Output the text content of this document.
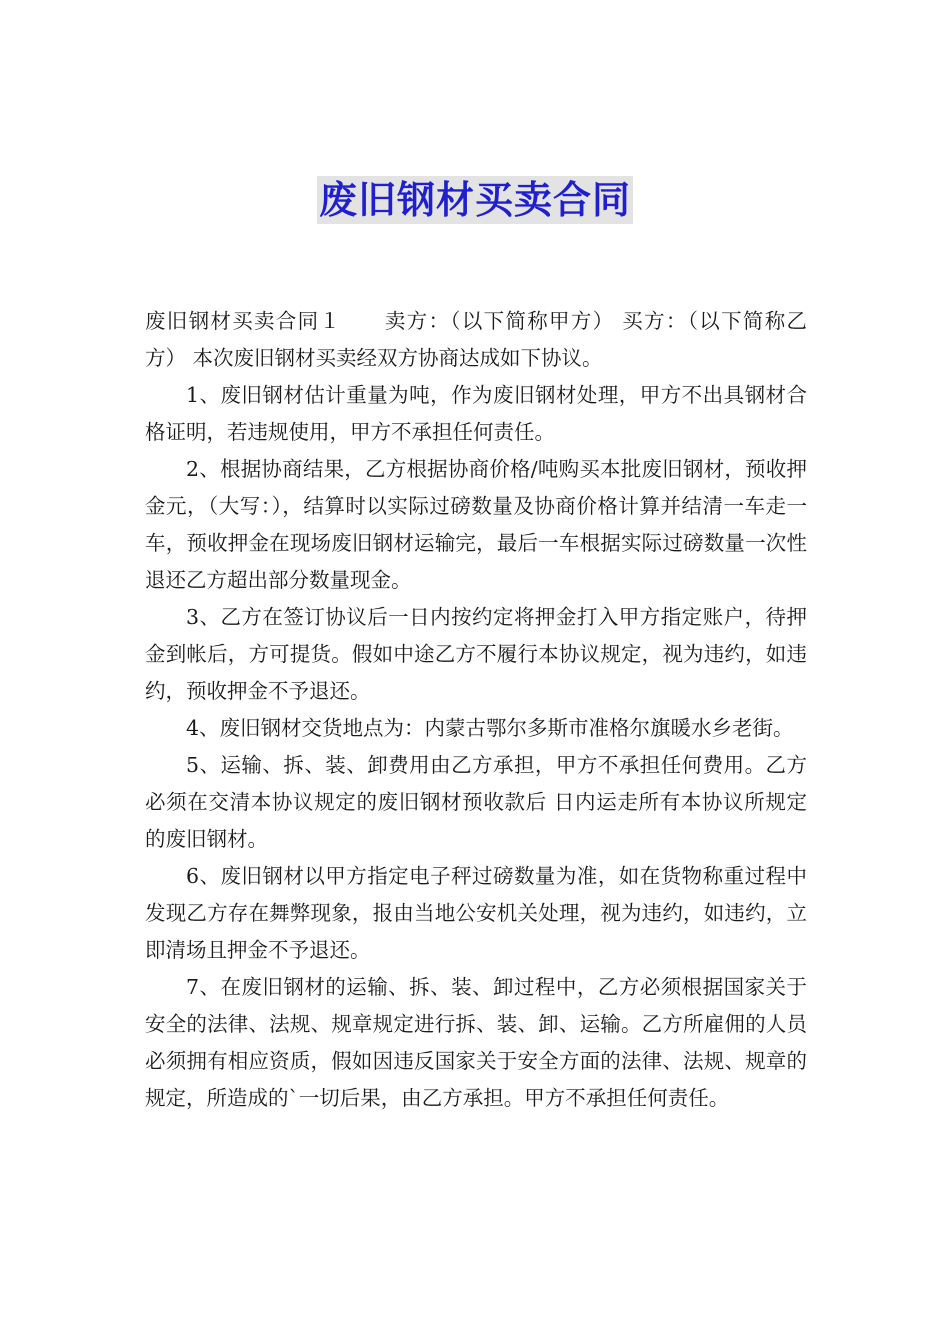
废旧钢材买卖合同

废旧钢材买卖合同１　　卖方：（以下简称甲方） 买方：（以下简称乙方） 本次废旧钢材买卖经双方协商达成如下协议。

1、废旧钢材估计重量为吨，作为废旧钢材处理，甲方不出具钢材合格证明，若违规使用，甲方不承担任何责任。

2、根据协商结果，乙方根据协商价格/吨购买本批废旧钢材，预收押金元，（大写：），结算时以实际过磅数量及协商价格计算并结清一车走一车，预收押金在现场废旧钢材运输完，最后一车根据实际过磅数量一次性退还乙方超出部分数量现金。

3、乙方在签订协议后一日内按约定将押金打入甲方指定账户，待押金到帐后，方可提货。假如中途乙方不履行本协议规定，视为违约，如违约，预收押金不予退还。

4、废旧钢材交货地点为：内蒙古鄂尔多斯市准格尔旗暖水乡老街。

5、运输、拆、装、卸费用由乙方承担，甲方不承担任何费用。乙方必须在交清本协议规定的废旧钢材预收款后 日内运走所有本协议所规定的废旧钢材。

6、废旧钢材以甲方指定电子秤过磅数量为准，如在货物称重过程中发现乙方存在舞弊现象，报由当地公安机关处理，视为违约，如违约，立即清场且押金不予退还。

7、在废旧钢材的运输、拆、装、卸过程中，乙方必须根据国家关于安全的法律、法规、规章规定进行拆、装、卸、运输。乙方所雇佣的人员必须拥有相应资质，假如因违反国家关于安全方面的法律、法规、规章的规定，所造成的`一切后果，由乙方承担。甲方不承担任何责任。
